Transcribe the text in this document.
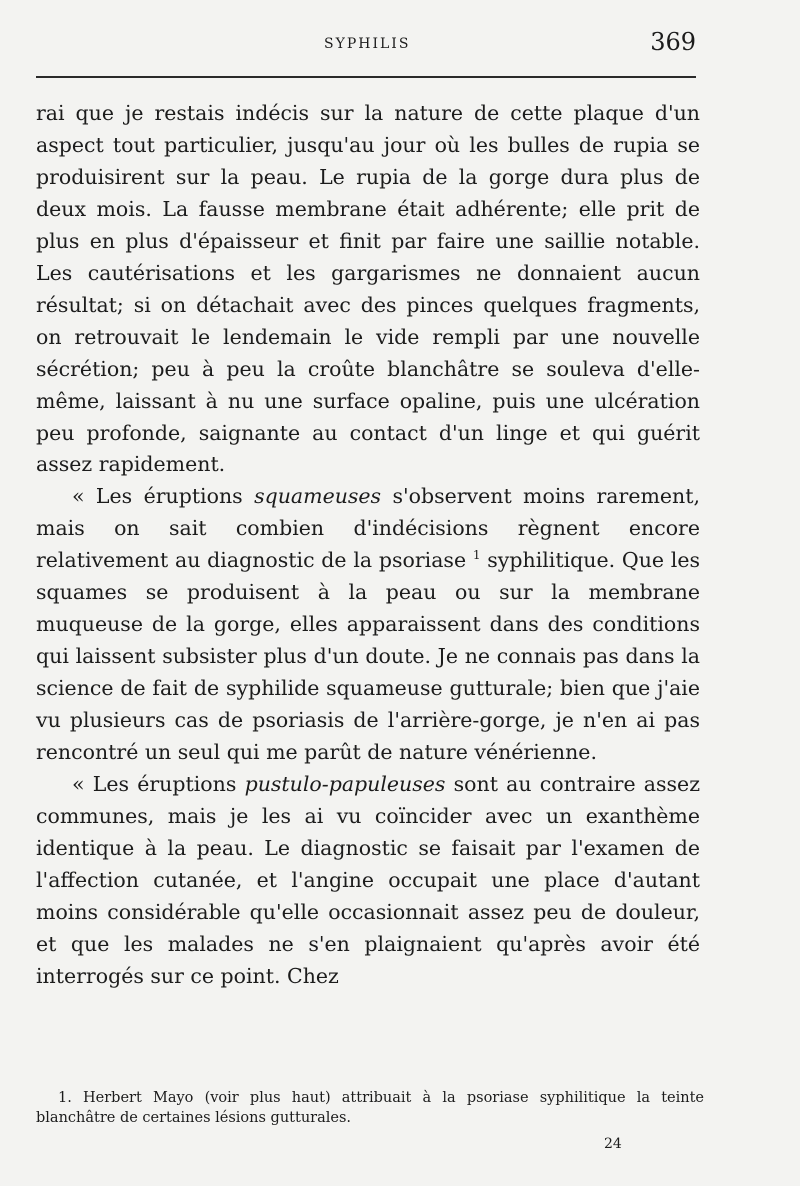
SYPHILIS	369

rai que je restais indécis sur la nature de cette plaque d'un aspect tout particulier, jusqu'au jour où les bulles de rupia se produisirent sur la peau. Le rupia de la gorge dura plus de deux mois. La fausse membrane était adhérente; elle prit de plus en plus d'épaisseur et finit par faire une saillie notable. Les cautérisations et les gargarismes ne donnaient aucun résultat; si on détachait avec des pinces quelques fragments, on retrouvait le lendemain le vide rempli par une nouvelle sécrétion; peu à peu la croûte blanchâtre se souleva d'elle-même, laissant à nu une surface opaline, puis une ulcération peu profonde, saignante au contact d'un linge et qui guérit assez rapidement.

« Les éruptions squameuses s'observent moins rarement, mais on sait combien d'indécisions règnent encore relativement au diagnostic de la psoriase $^1$ syphilitique. Que les squames se produisent à la peau ou sur la membrane muqueuse de la gorge, elles apparaissent dans des conditions qui laissent subsister plus d'un doute. Je ne connais pas dans la science de fait de syphilide squameuse gutturale; bien que j'aie vu plusieurs cas de psoriasis de l'arrière-gorge, je n'en ai pas rencontré un seul qui me parût de nature vénérienne.

« Les éruptions pustulo-papuleuses sont au contraire assez communes, mais je les ai vu coïncider avec un exanthème identique à la peau. Le diagnostic se faisait par l'examen de l'affection cutanée, et l'angine occupait une place d'autant moins considérable qu'elle occasionnait assez peu de douleur, et que les malades ne s'en plaignaient qu'après avoir été interrogés sur ce point. Chez

1. Herbert Mayo (voir plus haut) attribuait à la psoriase syphilitique la teinte blanchâtre de certaines lésions gutturales.
24
